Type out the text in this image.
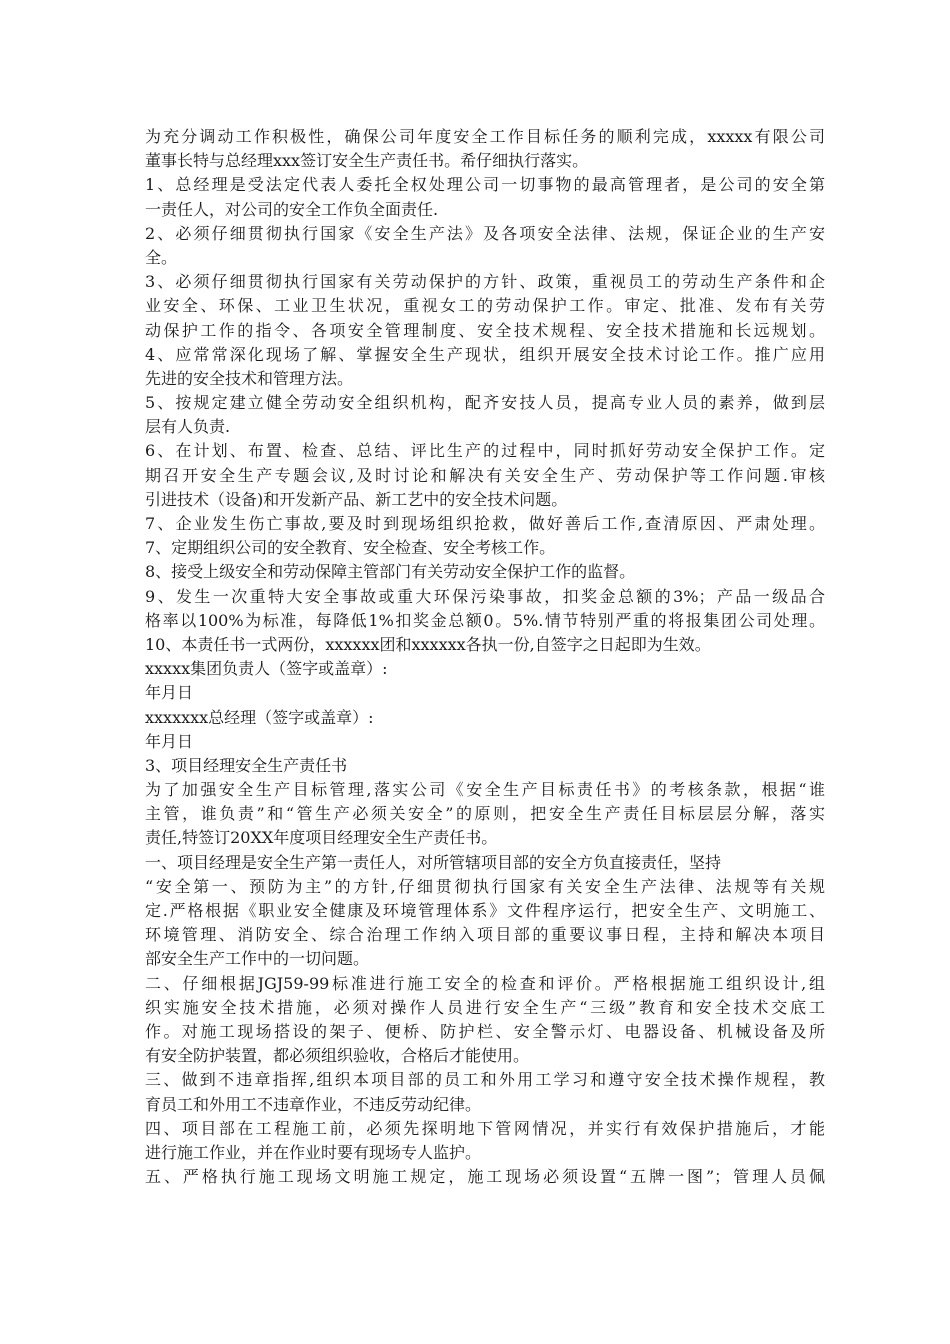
为充分调动工作积极性，确保公司年度安全工作目标任务的顺利完成，xxxxx有限公司
董事长特与总经理xxx签订安全生产责任书。希仔细执行落实。
1、总经理是受法定代表人委托全权处理公司一切事物的最高管理者，是公司的安全第
一责任人，对公司的安全工作负全面责任.
2、必须仔细贯彻执行国家《安全生产法》及各项安全法律、法规，保证企业的生产安
全。
3、必须仔细贯彻执行国家有关劳动保护的方针、政策，重视员工的劳动生产条件和企
业安全、环保、工业卫生状况，重视女工的劳动保护工作。审定、批准、发布有关劳
动保护工作的指令、各项安全管理制度、安全技术规程、安全技术措施和长远规划。
4、应常常深化现场了解、掌握安全生产现状，组织开展安全技术讨论工作。推广应用
先进的安全技术和管理方法。
5、按规定建立健全劳动安全组织机构，配齐安技人员，提高专业人员的素养，做到层
层有人负责.
6、在计划、布置、检查、总结、评比生产的过程中，同时抓好劳动安全保护工作。定
期召开安全生产专题会议,及时讨论和解决有关安全生产、劳动保护等工作问题.审核
引进技术（设备)和开发新产品、新工艺中的安全技术问题。
7、企业发生伤亡事故,要及时到现场组织抢救，做好善后工作,查清原因、严肃处理。
7、定期组织公司的安全教育、安全检查、安全考核工作。
8、接受上级安全和劳动保障主管部门有关劳动安全保护工作的监督。
9、发生一次重特大安全事故或重大环保污染事故，扣奖金总额的3%；产品一级品合
格率以100%为标准，每降低1%扣奖金总额0。5%.情节特别严重的将报集团公司处理。
10、本责任书一式两份，xxxxxx团和xxxxxx各执一份,自签字之日起即为生效。
xxxxx集团负责人（签字或盖章）:
年月日
xxxxxxx总经理（签字或盖章）:
年月日
3、项目经理安全生产责任书
为了加强安全生产目标管理,落实公司《安全生产目标责任书》的考核条款，根据“谁
主管，谁负责”和“管生产必须关安全”的原则，把安全生产责任目标层层分解，落实
责任,特签订20XX年度项目经理安全生产责任书。
一、项目经理是安全生产第一责任人，对所管辖项目部的安全方负直接责任，坚持
“安全第一、预防为主”的方针,仔细贯彻执行国家有关安全生产法律、法规等有关规
定.严格根据《职业安全健康及环境管理体系》文件程序运行，把安全生产、文明施工、
环境管理、消防安全、综合治理工作纳入项目部的重要议事日程，主持和解决本项目
部安全生产工作中的一切问题。
二、仔细根据JGJ59-99标准进行施工安全的检查和评价。严格根据施工组织设计,组
织实施安全技术措施，必须对操作人员进行安全生产“三级”教育和安全技术交底工
作。对施工现场搭设的架子、便桥、防护栏、安全警示灯、电器设备、机械设备及所
有安全防护装置，都必须组织验收，合格后才能使用。
三、做到不违章指挥,组织本项目部的员工和外用工学习和遵守安全技术操作规程，教
育员工和外用工不违章作业，不违反劳动纪律。
四、项目部在工程施工前，必须先探明地下管网情况，并实行有效保护措施后，才能
进行施工作业，并在作业时要有现场专人监护。
五、严格执行施工现场文明施工规定，施工现场必须设置“五牌一图”；管理人员佩
